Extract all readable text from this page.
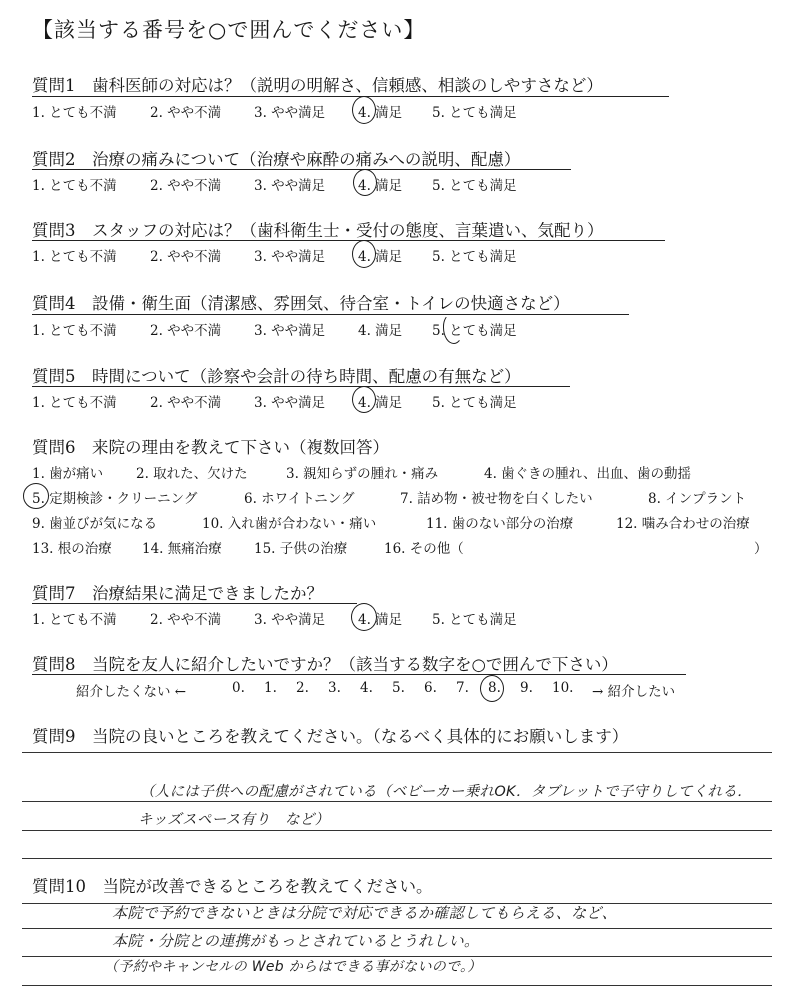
【該当する番号を○で囲んでください】
質問1　歯科医師の対応は？（説明の明解さ、信頼感、相談のしやすさなど）
1. とても不満 2. やや不満 3. やや満足 4. 満足 5. とても満足
質問2　治療の痛みについて（治療や麻酔の痛みへの説明、配慮）
1. とても不満 2. やや不満 3. やや満足 4. 満足 5. とても満足
質問3　スタッフの対応は？（歯科衛生士・受付の態度、言葉遣い、気配り）
1. とても不満 2. やや不満 3. やや満足 4. 満足 5. とても満足
質問4　設備・衛生面（清潔感、雰囲気、待合室・トイレの快適さなど）
1. とても不満 2. やや不満 3. やや満足 4. 満足 5. とても満足
質問5　時間について（診察や会計の待ち時間、配慮の有無など）
1. とても不満 2. やや不満 3. やや満足 4. 満足 5. とても満足
質問6　来院の理由を教えて下さい（複数回答）
1. 歯が痛い 2. 取れた、欠けた	3. 親知らずの腫れ・痛み	4. 歯ぐきの腫れ、出血、歯の動揺
5. 定期検診・クリーニング	6. ホワイトニング	7. 詰め物・被せ物を白くしたい	8. インプラント
9. 歯並びが気になる	10. 入れ歯が合わない・痛い	11. 歯のない部分の治療	12. 噛み合わせの治療
13. 根の治療 14. 無痛治療 15. 子供の治療	16. その他（	）
質問7　治療結果に満足できましたか？
1. とても不満 2. やや不満 3. やや満足 4. 満足 5. とても満足
質問8　当院を友人に紹介したいですか？（該当する数字を○で囲んで下さい）
紹介したくない ←	0. 1. 2. 3. 4. 5. 6. 7. 8. 9. 10. → 紹介したい
質問9　当院の良いところを教えてください。（なるべく具体的にお願いします）
（人には子供への配慮がされている（ベビーカー乗れOK．タブレットで子守りしてくれる．
キッズスペース有り　など）
質問10　当院が改善できるところを教えてください。
本院で予約できないときは分院で対応できるか確認してもらえる、など、
本院・分院との連携がもっとされているとうれしい。
（予約やキャンセルの Web からはできる事がないので。）
